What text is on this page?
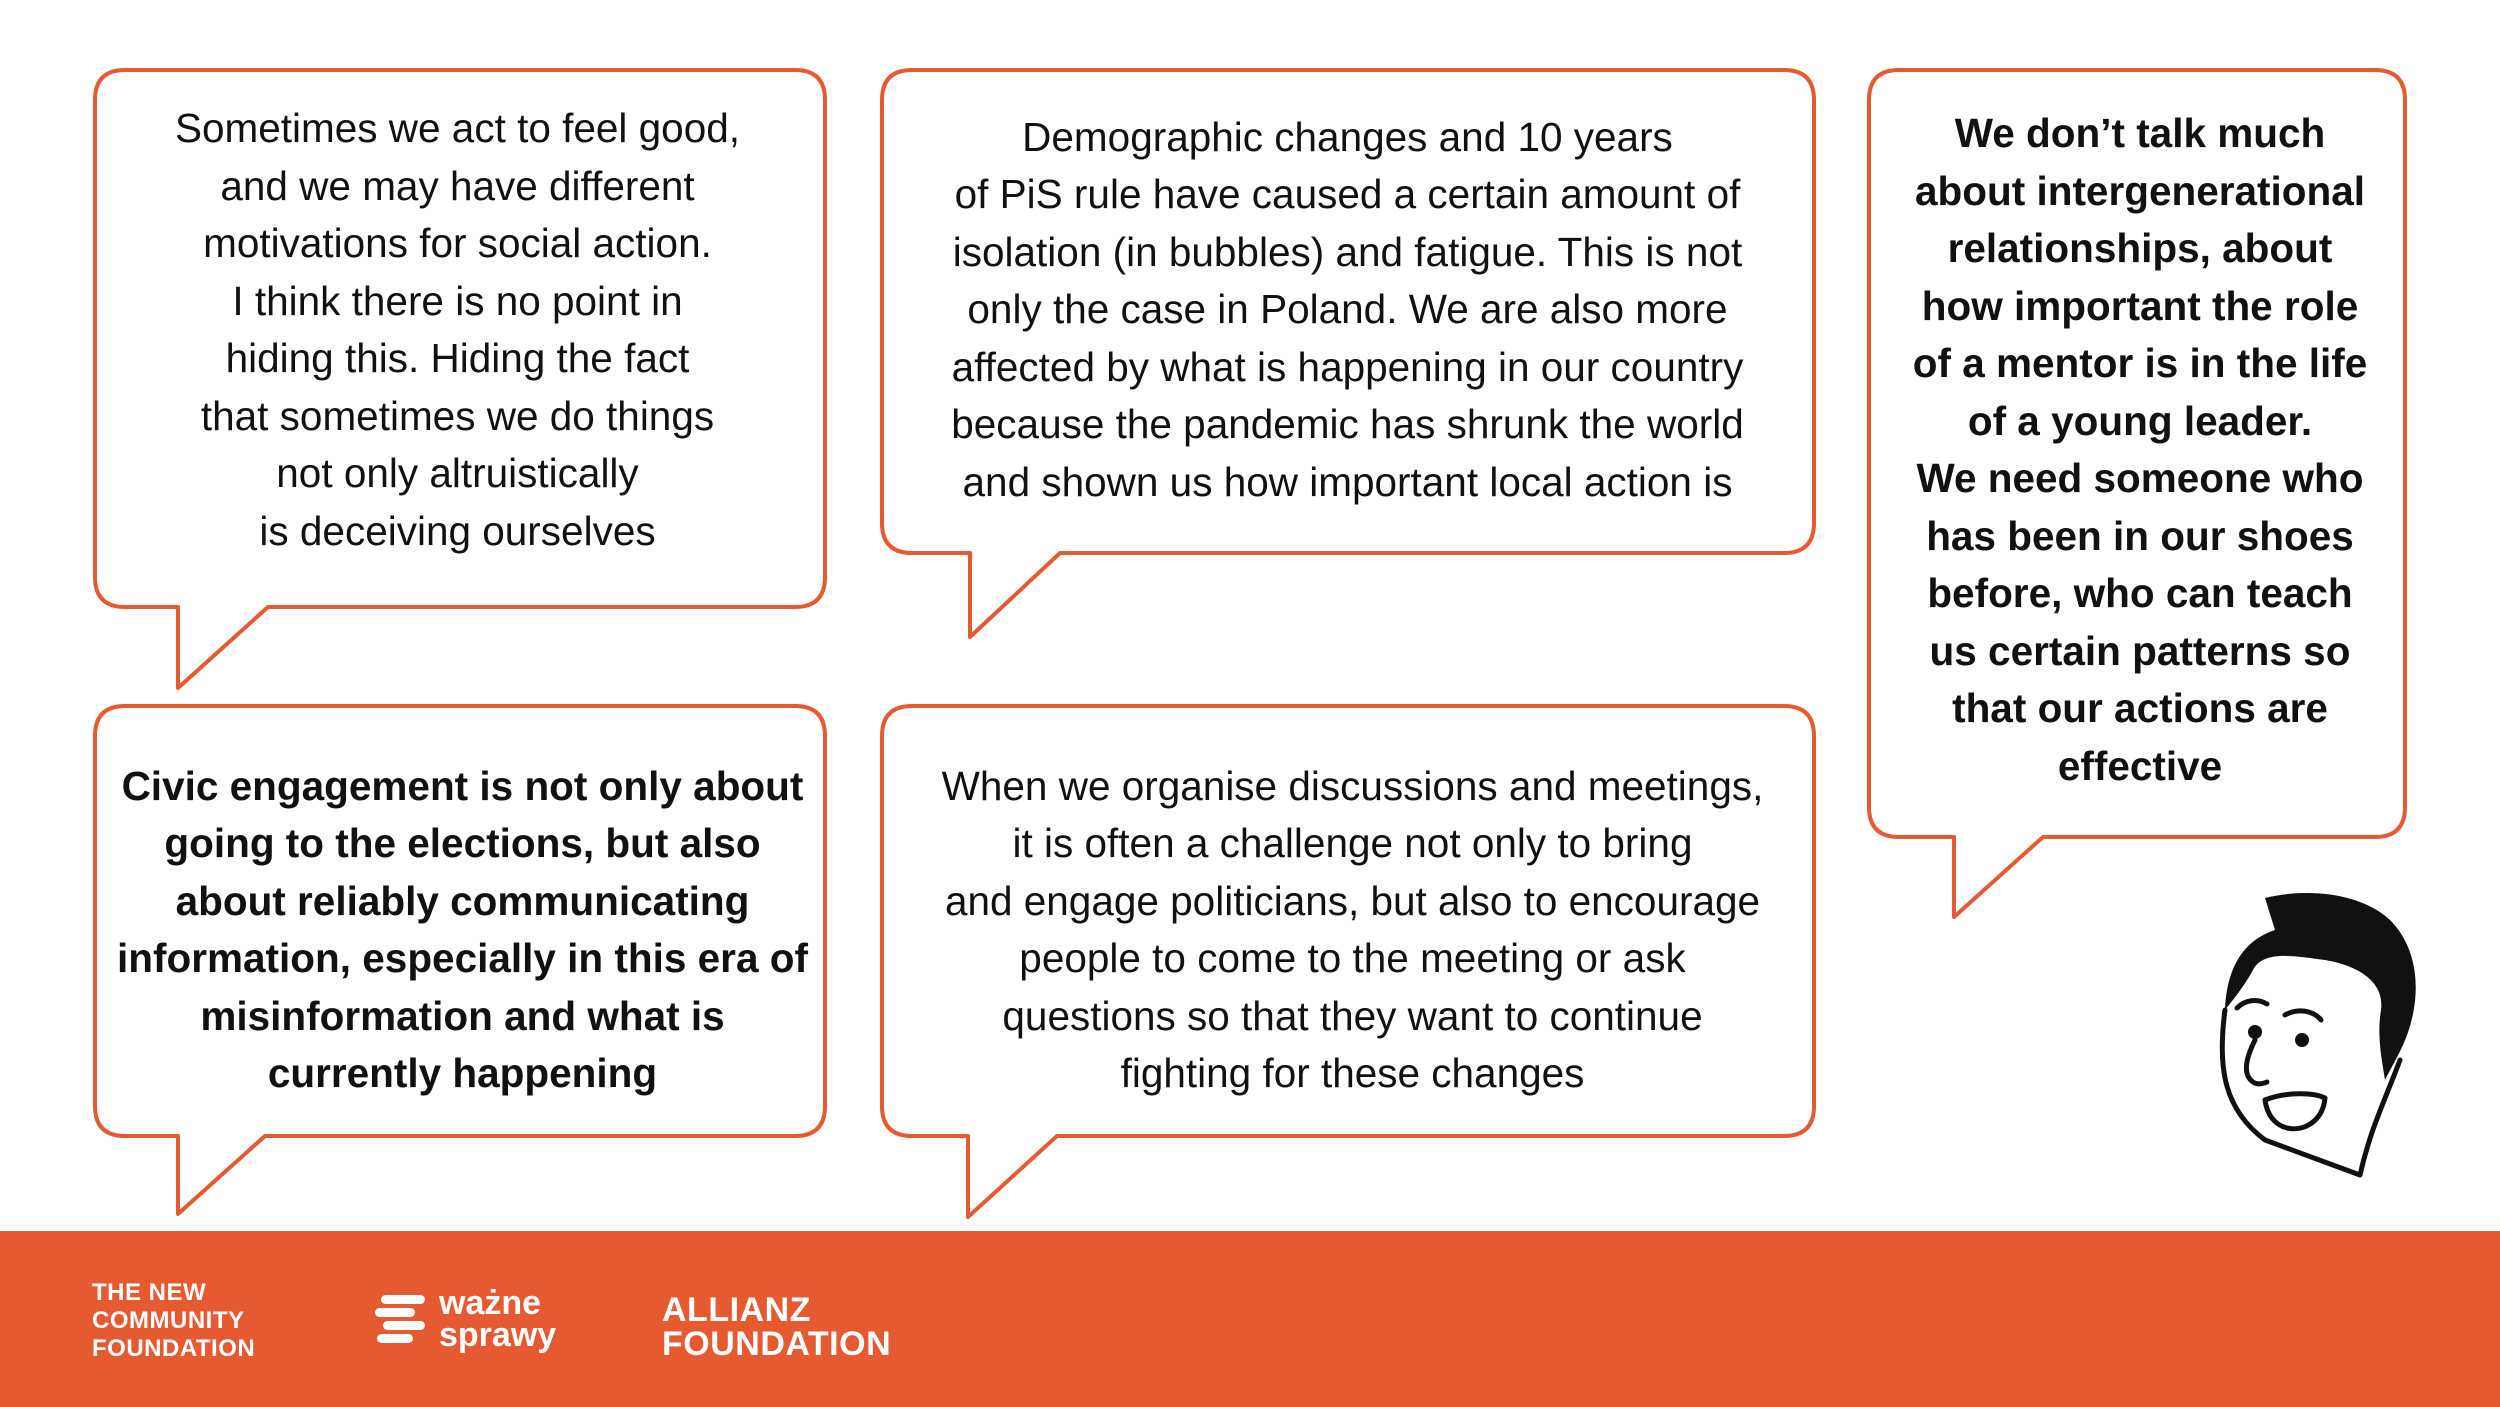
Sometimes we act to feel good,
and we may have different
motivations for social action.
I think there is no point in
hiding this. Hiding the fact
that sometimes we do things
not only altruistically
is deceiving ourselves
Demographic changes and 10 years
of PiS rule have caused a certain amount of
isolation (in bubbles) and fatigue. This is not
only the case in Poland. We are also more
affected by what is happening in our country
because the pandemic has shrunk the world
and shown us how important local action is
We don’t talk much
about intergenerational
relationships, about
how important the role
of a mentor is in the life
of a young leader.
We need someone who
has been in our shoes
before, who can teach
us certain patterns so
that our actions are
effective
Civic engagement is not only about
going to the elections, but also
about reliably communicating
information, especially in this era of
misinformation and what is
currently happening
When we organise discussions and meetings,
it is often a challenge not only to bring
and engage politicians, but also to encourage
people to come to the meeting or ask
questions so that they want to continue
fighting for these changes
THE NEW
COMMUNITY
FOUNDATION
ważne
sprawy
ALLIANZ
FOUNDATION
